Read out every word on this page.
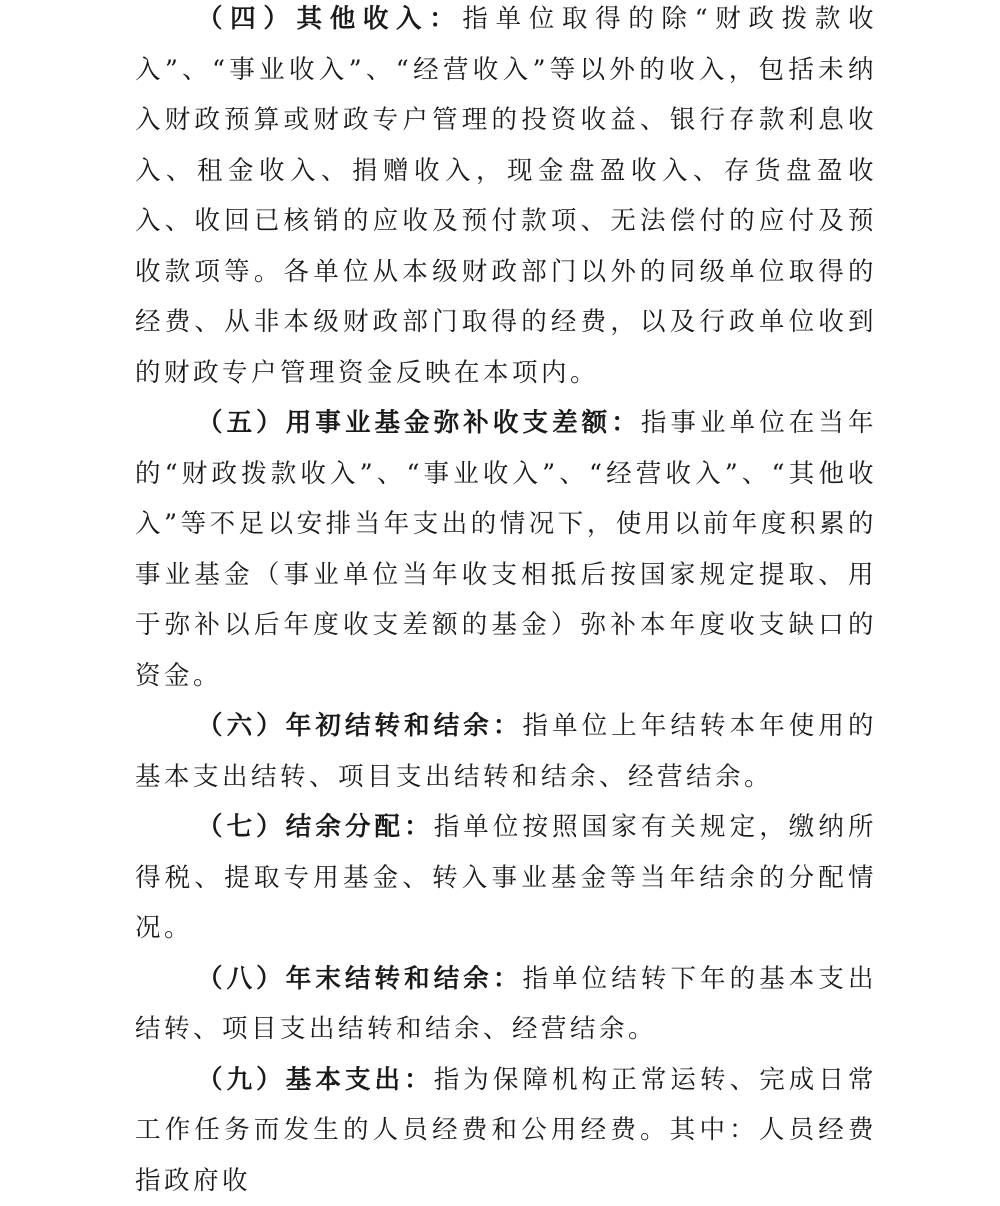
（四）其他收入：指单位取得的除“财政拨款收入”、“事业收入”、“经营收入”等以外的收入，包括未纳入财政预算或财政专户管理的投资收益、银行存款利息收入、租金收入、捐赠收入，现金盘盈收入、存货盘盈收入、收回已核销的应收及预付款项、无法偿付的应付及预收款项等。各单位从本级财政部门以外的同级单位取得的经费、从非本级财政部门取得的经费，以及行政单位收到的财政专户管理资金反映在本项内。

（五）用事业基金弥补收支差额：指事业单位在当年的“财政拨款收入”、“事业收入”、“经营收入”、“其他收入”等不足以安排当年支出的情况下，使用以前年度积累的事业基金（事业单位当年收支相抵后按国家规定提取、用于弥补以后年度收支差额的基金）弥补本年度收支缺口的资金。

（六）年初结转和结余：指单位上年结转本年使用的基本支出结转、项目支出结转和结余、经营结余。

（七）结余分配：指单位按照国家有关规定，缴纳所得税、提取专用基金、转入事业基金等当年结余的分配情况。

（八）年末结转和结余：指单位结转下年的基本支出结转、项目支出结转和结余、经营结余。

（九）基本支出：指为保障机构正常运转、完成日常工作任务而发生的人员经费和公用经费。其中：人员经费指政府收
